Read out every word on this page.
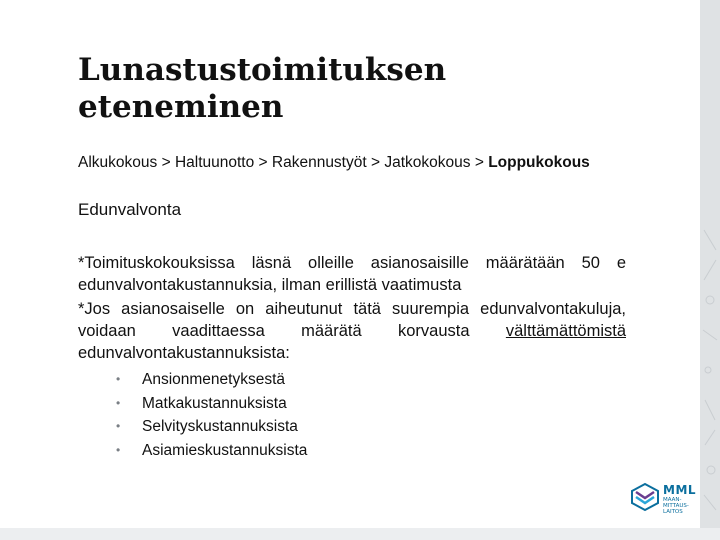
Lunastustoimituksen eteneminen
Alkukokous > Haltuunotto > Rakennustyöt > Jatkokokous > Loppukokous
Edunvalvonta

*Toimituskokouksissa läsnä olleille asianosaisille määrätään 50 e edunvalvontakustannuksia, ilman erillistä vaatimusta

*Jos asianosaiselle on aiheutunut tätä suurempia edunvalvontakuluja, voidaan vaadittaessa määrätä korvausta välttämättömistä edunvalvontakustannuksista:

• Ansionmenetyksestä
• Matkakustannuksista
• Selvityskustannuksista
• Asiamieskustannuksista
MML
MAAN-MITTAUS-LAITOS
